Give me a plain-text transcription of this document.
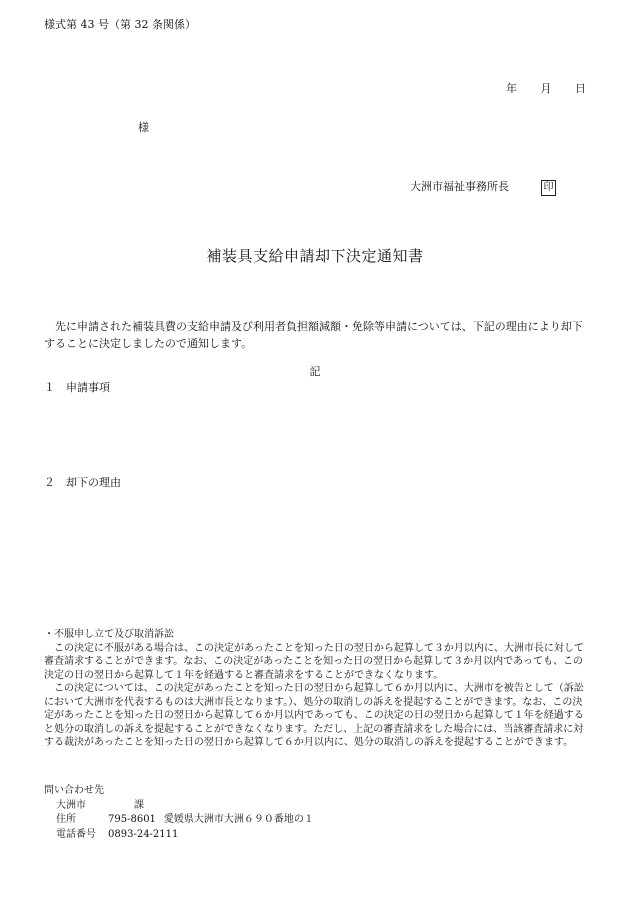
様式第 43 号（第 32 条関係）
年 月 日
様
大洲市福祉事務所長	印
補装具支給申請却下決定通知書

先に申請された補装具費の支給申請及び利用者負担額減額・免除等申請については、下記の理由により却下することに決定しましたので通知します。

記
１ 申請事項
２ 却下の理由
・不服申し立て及び取消訴訟

この決定に不服がある場合は、この決定があったことを知った日の翌日から起算して３か月以内に、大洲市長に対して審査請求することができます。なお、この決定があったことを知った日の翌日から起算して３か月以内であっても、この決定の日の翌日から起算して１年を経過すると審査請求をすることができなくなります。

この決定については、この決定があったことを知った日の翌日から起算して６か月以内に、大洲市を被告として（訴訟において大洲市を代表するものは大洲市長となります。）、処分の取消しの訴えを提起することができます。なお、この決定があったことを知った日の翌日から起算して６か月以内であっても、この決定の日の翌日から起算して１年を経過すると処分の取消しの訴えを提起することができなくなります。ただし、上記の審査請求をした場合には、当該審査請求に対する裁決があったことを知った日の翌日から起算して６か月以内に、処分の取消しの訴えを提起することができます。

問い合わせ先
大洲市	課
住所	795-8601 愛媛県大洲市大洲６９０番地の１
電話番号 0893-24-2111
